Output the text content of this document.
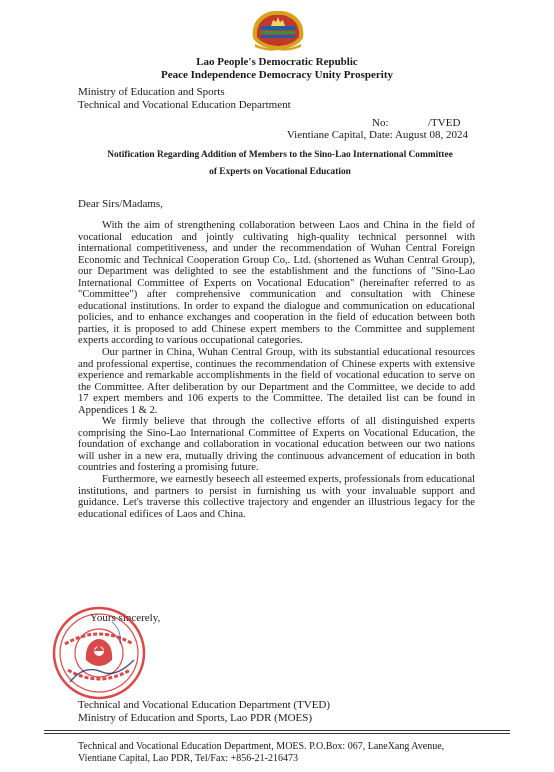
Lao People's Democratic Republic
Peace Independence Democracy Unity Prosperity
Ministry of Education and Sports
Technical and Vocational Education Department
No:	/TVED
Vientiane Capital, Date: August 08, 2024
Notification Regarding Addition of Members to the Sino-Lao International Committee
of Experts on Vocational Education
Dear Sirs/Madams,

With the aim of strengthening collaboration between Laos and China in the field of vocational education and jointly cultivating high-quality technical personnel with international competitiveness, and under the recommendation of Wuhan Central Foreign Economic and Technical Cooperation Group Co,. Ltd. (shortened as Wuhan Central Group), our Department was delighted to see the establishment and the functions of "Sino-Lao International Committee of Experts on Vocational Education" (hereinafter referred to as "Committee") after comprehensive communication and consultation with Chinese educational institutions. In order to expand the dialogue and communication on educational policies, and to enhance exchanges and cooperation in the field of education between both parties, it is proposed to add Chinese expert members to the Committee and supplement experts according to various occupational categories.

Our partner in China, Wuhan Central Group, with its substantial educational resources and professional expertise, continues the recommendation of Chinese experts with extensive experience and remarkable accomplishments in the field of vocational education to serve on the Committee. After deliberation by our Department and the Committee, we decide to add 17 expert members and 106 experts to the Committee. The detailed list can be found in Appendices 1 & 2.

We firmly believe that through the collective efforts of all distinguished experts comprising the Sino-Lao International Committee of Experts on Vocational Education, the foundation of exchange and collaboration in vocational education between our two nations will usher in a new era, mutually driving the continuous advancement of education in both countries and fostering a promising future.

Furthermore, we earnestly beseech all esteemed experts, professionals from educational institutions, and partners to persist in furnishing us with your invaluable support and guidance. Let's traverse this collective trajectory and engender an illustrious legacy for the educational edifices of Laos and China.

Yours sincerely,
Technical and Vocational Education Department (TVED)
Ministry of Education and Sports, Lao PDR (MOES)
Technical and Vocational Education Department, MOES. P.O.Box: 067, LaneXang Avenue,
Vientiane Capital, Lao PDR, Tel/Fax: +856-21-216473
